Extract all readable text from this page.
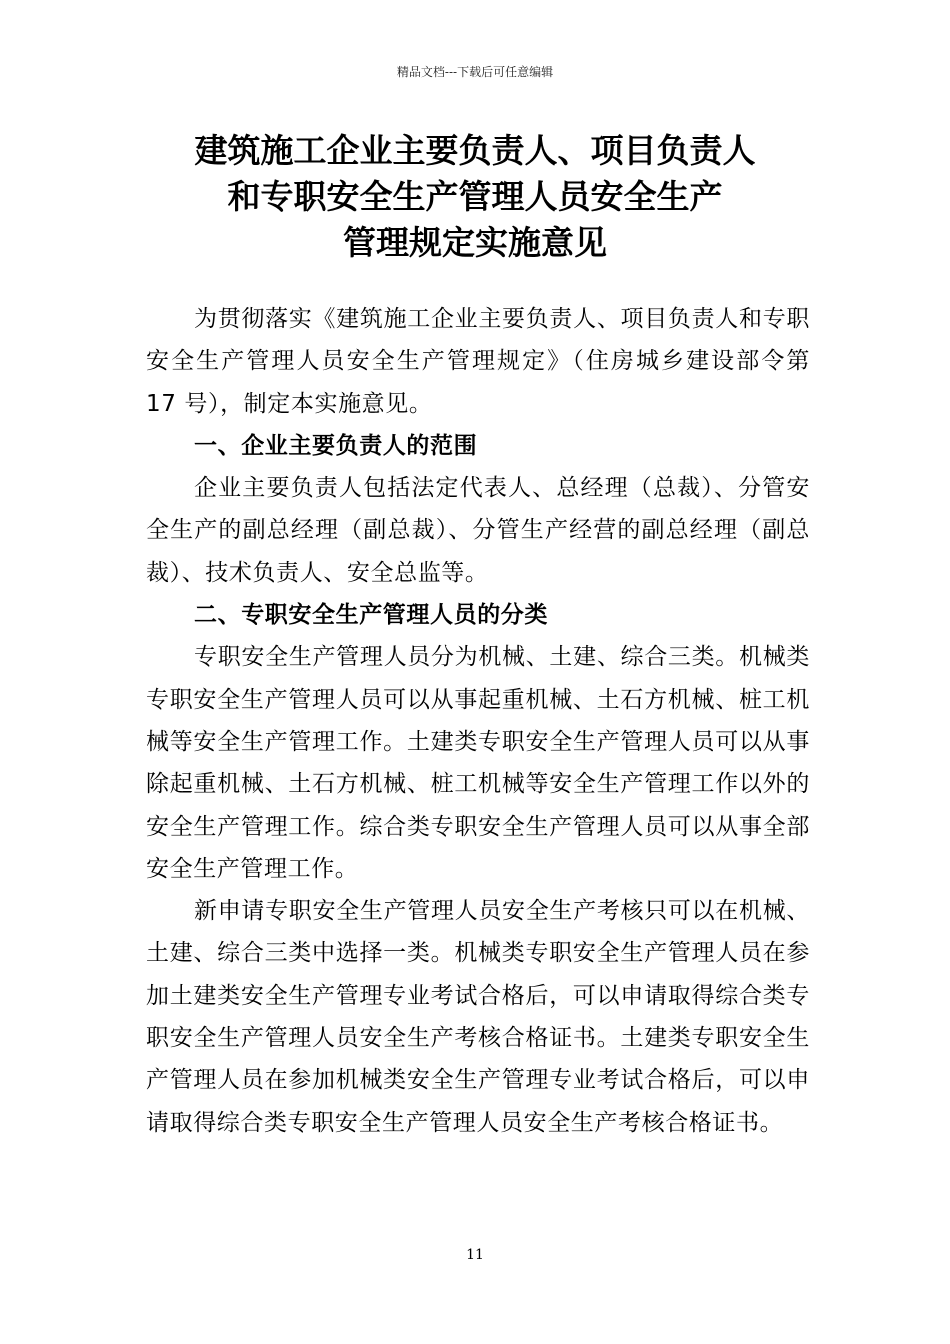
精品文档---下载后可任意编辑
建筑施工企业主要负责人、项目负责人
和专职安全生产管理人员安全生产
管理规定实施意见

为贯彻落实《建筑施工企业主要负责人、项目负责人和专职安全生产管理人员安全生产管理规定》（住房城乡建设部令第 17 号），制定本实施意见。

一、企业主要负责人的范围

企业主要负责人包括法定代表人、总经理（总裁）、分管安全生产的副总经理（副总裁）、分管生产经营的副总经理（副总裁）、技术负责人、安全总监等。

二、专职安全生产管理人员的分类

专职安全生产管理人员分为机械、土建、综合三类。机械类专职安全生产管理人员可以从事起重机械、土石方机械、桩工机械等安全生产管理工作。土建类专职安全生产管理人员可以从事除起重机械、土石方机械、桩工机械等安全生产管理工作以外的安全生产管理工作。综合类专职安全生产管理人员可以从事全部安全生产管理工作。

新申请专职安全生产管理人员安全生产考核只可以在机械、土建、综合三类中选择一类。机械类专职安全生产管理人员在参加土建类安全生产管理专业考试合格后，可以申请取得综合类专职安全生产管理人员安全生产考核合格证书。土建类专职安全生产管理人员在参加机械类安全生产管理专业考试合格后，可以申请取得综合类专职安全生产管理人员安全生产考核合格证书。

11
